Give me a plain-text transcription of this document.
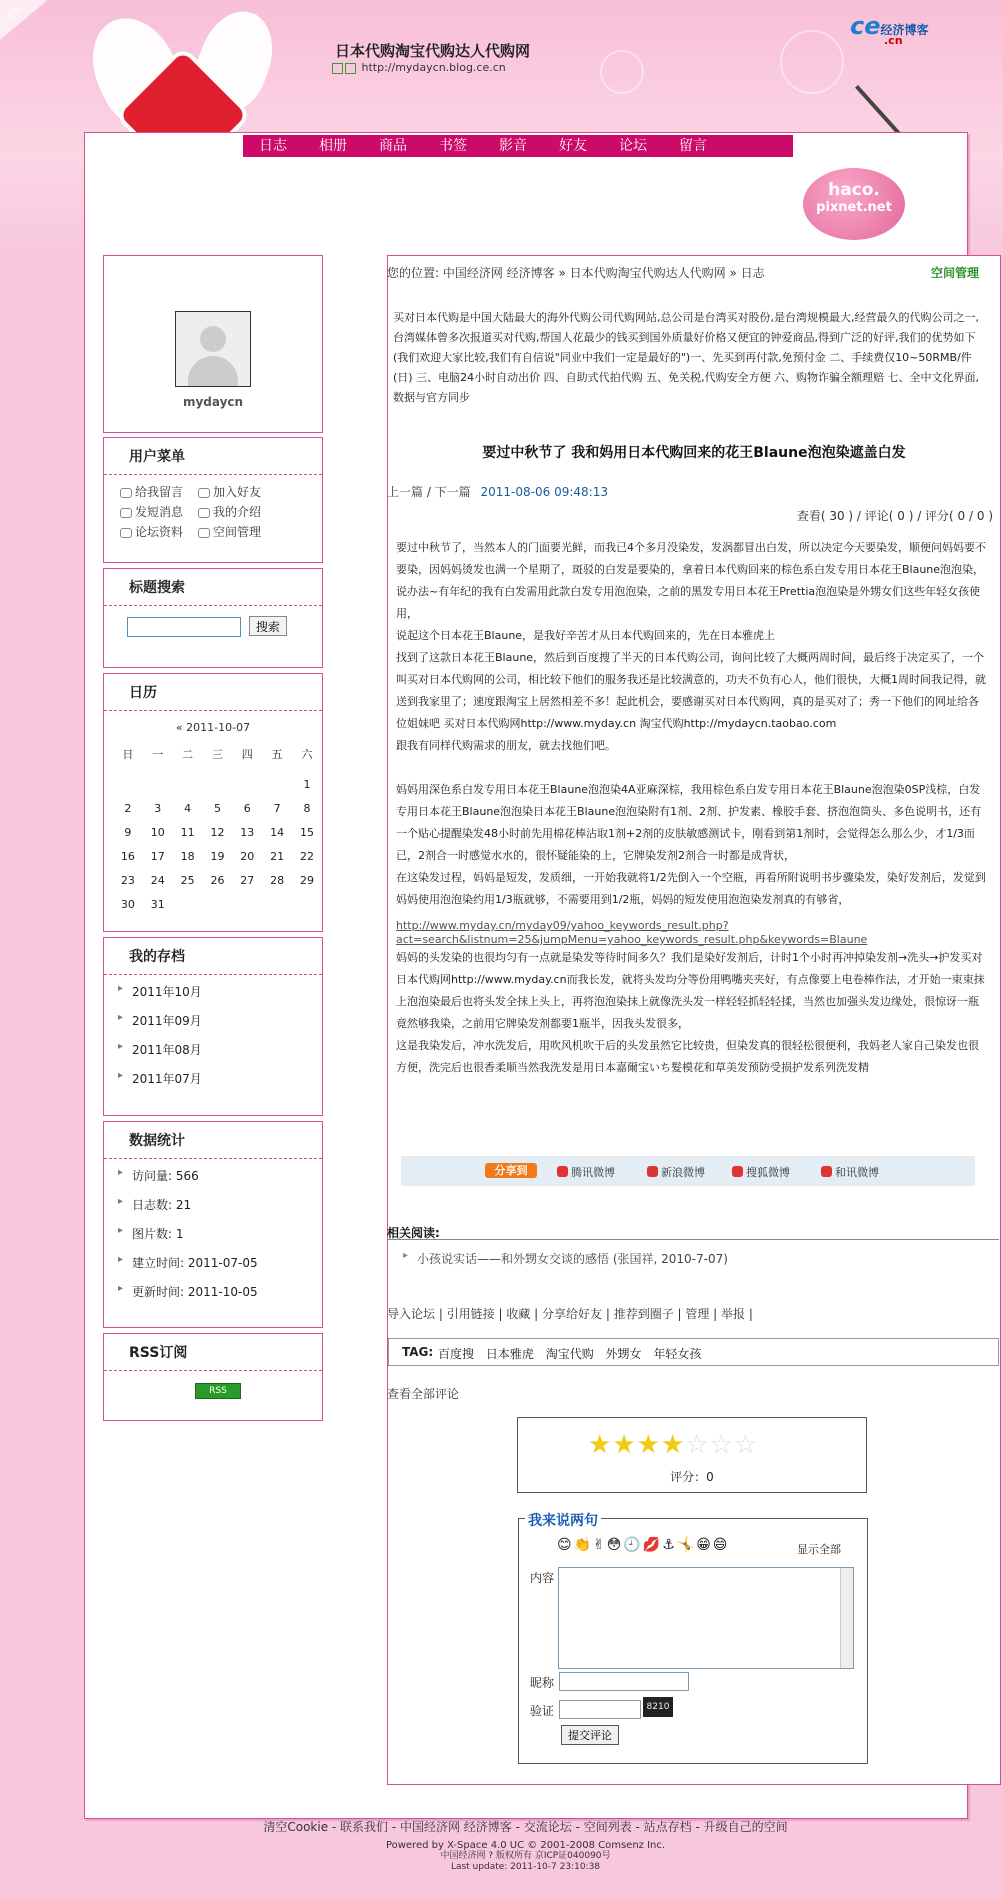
导航
日本代购淘宝代购达人代购网
http://mydaycn.blog.ce.cn
ce经济博客
.cn
日志	相册	商品	书签	影音	好友	论坛	留言
haco.
pixnet.net
mydaycn
用户菜单
给我留言	加入好友
发短消息	我的介绍
论坛资料	空间管理
标题搜索
搜索
日历
« 2011-10-07
日	一	二	三	四	五	六

						1
2	3	4	5	6	7	8
9	10	11	12	13	14	15
16	17	18	19	20	21	22
23	24	25	26	27	28	29
30	31					
我的存档
▸ 2011年10月
▸ 2011年09月
▸ 2011年08月
▸ 2011年07月
数据统计
▸ 访问量: 566
▸ 日志数: 21
▸ 图片数: 1
▸ 建立时间: 2011-07-05
▸ 更新时间: 2011-10-05
RSS订阅
RSS
您的位置: 中国经济网 经济博客 » 日本代购淘宝代购达人代购网 » 日志	空间管理
买对日本代购是中国大陆最大的海外代购公司代购网站,总公司是台湾买对股份,是台湾规模最大,经营最久的代购公司之一,台湾媒体曾多次报道买对代购,帮国人花最少的钱买到国外质量好价格又便宜的钟爱商品,得到广泛的好评,我们的优势如下(我们欢迎大家比较,我们有自信说"同业中我们一定是最好的")一、先买到再付款,免预付金 二、手续费仅10~50RMB/件(日) 三、电脑24小时自动出价 四、自助式代拍代购 五、免关税,代购安全方便 六、购物诈骗全额理赔 七、全中文化界面,数据与官方同步
要过中秋节了 我和妈用日本代购回来的花王Blaune泡泡染遮盖白发
上一篇 / 下一篇 2011-08-06 09:48:13
查看( 30 ) / 评论( 0 ) / 评分( 0 / 0 )

要过中秋节了，当然本人的门面要光鲜，而我已4个多月没染发，发涡都冒出白发，所以决定今天要染发，顺便问妈妈要不要染，因妈妈烫发也满一个星期了，斑驳的白发是要染的，拿着日本代购回来的棕色系白发专用日本花王Blaune泡泡染，说办法~有年纪的我有白发需用此款白发专用泡泡染，之前的黑发专用日本花王Prettia泡泡染是外甥女们这些年轻女孩使用，

说起这个日本花王Blaune，是我好辛苦才从日本代购回来的，先在日本雅虎上

找到了这款日本花王Blaune，然后到百度搜了半天的日本代购公司，询问比较了大概两周时间，最后终于决定买了，一个叫买对日本代购网的公司，相比较下他们的服务我还是比较满意的，功夫不负有心人，他们很快，大概1周时间我记得，就送到我家里了；速度跟淘宝上居然相差不多！起此机会，要感谢买对日本代购网，真的是买对了；秀一下他们的网址给各位姐妹吧 买对日本代购网http://www.myday.cn 淘宝代购http://mydaycn.taobao.com

跟我有同样代购需求的朋友，就去找他们吧。

妈妈用深色系白发专用日本花王Blaune泡泡染4A亚麻深棕，我用棕色系白发专用日本花王Blaune泡泡染0SP浅棕，白发专用日本花王Blaune泡泡染日本花王Blaune泡泡染附有1剂、2剂、护发素、橡胶手套、挤泡泡筒头、多色说明书，还有一个贴心提醒染发48小时前先用棉花棒沾取1剂+2剂的皮肤敏感测试卡，刚看到第1剂时，会觉得怎么那么少，才1/3而已，2剂合一时感觉水水的，很怀疑能染的上，它牌染发剂2剂合一时都是成背状，

在这染发过程，妈妈是短发，发质细，一开始我就将1/2先倒入一个空瓶，再看所附说明书步骤染发，染好发剂后，发觉到妈妈使用泡泡染约用1/3瓶就够，不需要用到1/2瓶，妈妈的短发使用泡泡染发剂真的有够省，

http://www.myday.cn/myday09/yahoo_keywords_result.php?act=search&listnum=25&jumpMenu=yahoo_keywords_result.php&keywords=Blaune

妈妈的头发染的也很均匀有一点就是染发等待时间多久？我们是染好发剂后，计时1个小时再冲掉染发剂→洗头→护发买对日本代购网http://www.myday.cn而我长发，就将头发均分等份用鸭嘴夹夹好，有点像要上电卷棒作法，才开始一束束抹上泡泡染最后也将头发全抹上头上，再将泡泡染抹上就像洗头发一样轻轻抓轻轻揉，当然也加强头发边缘处，很惊讶一瓶竟然够我染，之前用它牌染发剂都要1瓶半，因我头发很多，

这是我染发后，冲水洗发后，用吹风机吹干后的头发虽然它比较贵，但染发真的很轻松很便利，我妈老人家自己染发也很方便，洗完后也很香柔顺当然我洗发是用日本嘉爾宝いち髮模花和草美发预防受损护发系列洗发精

分享到	腾讯微博	新浪微博	搜狐微博	和讯微博
相关阅读:
▸ 小孩说实话——和外甥女交谈的感悟 (张国祥, 2010-7-07)
导入论坛 | 引用链接 | 收藏 | 分享给好友 | 推荐到圈子 | 管理 | 举报 |
TAG: 百度搜 日本雅虎 淘宝代购 外甥女 年轻女孩
查看全部评论
★★★★☆☆☆
评分：0
我来说两句
😊👏✌😳🕘💋⚓🤸😁😄	显示全部
内容
昵称
验证	8210
提交评论
清空Cookie - 联系我们 - 中国经济网 经济博客 - 交流论坛 - 空间列表 - 站点存档 - 升级自己的空间
Powered by X-Space 4.0 UC © 2001-2008 Comsenz Inc.
中国经济网 ? 版权所有 京ICP证040090号
Last update: 2011-10-7 23:10:38
